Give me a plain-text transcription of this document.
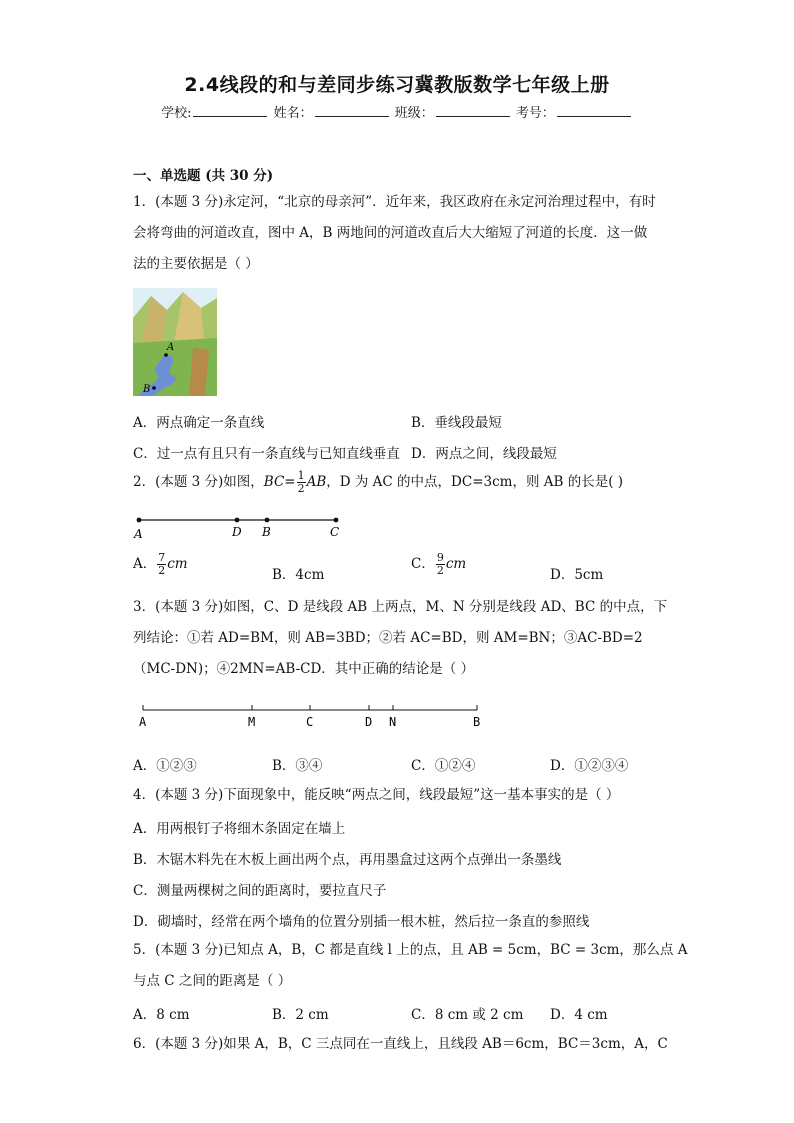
2.4线段的和与差同步练习冀教版数学七年级上册
学校:	姓名：	班级：	考号：
一、单选题 (共 30 分)
1．(本题 3 分)永定河，“北京的母亲河”．近年来，我区政府在永定河治理过程中，有时
会将弯曲的河道改直，图中 A，B 两地间的河道改直后大大缩短了河道的长度．这一做
法的主要依据是（ ）
A
B
A．两点确定一条直线	B．垂线段最短
C．过一点有且只有一条直线与已知直线垂直 D．两点之间，线段最短
2．(本题 3 分)如图，$BC= \frac{1}{2}$ AB，D 为 AC 的中点，DC=3cm，则 AB 的长是( )
A	D B	C
A． $\frac{7}{2}$ cm
B．4cm
C． $\frac{9}{2}$ cm
D．5cm
3．(本题 3 分)如图，C、D 是线段 AB 上两点，M、N 分别是线段 AD、BC 的中点，下
列结论：①若 AD=BM，则 AB=3BD；②若 AC=BD，则 AM=BN；③AC-BD=2
（MC-DN)；④2MN=AB-CD．其中正确的结论是（ ）
A	M	C	D N	B
A．①②③	B．③④	C．①②④	D．①②③④
4．(本题 3 分)下面现象中，能反映“两点之间，线段最短”这一基本事实的是（ ）
A．用两根钉子将细木条固定在墙上
B．木锯木料先在木板上画出两个点，再用墨盒过这两个点弹出一条墨线
C．测量两棵树之间的距离时，要拉直尺子
D．砌墙时，经常在两个墙角的位置分别插一根木桩，然后拉一条直的参照线
5．(本题 3 分)已知点 A，B，C 都是直线 l 上的点，且 AB = 5cm，BC = 3cm，那么点 A
与点 C 之间的距离是（ ）
A．8 cm	B．2 cm	C．8 cm 或 2 cm D．4 cm
6．(本题 3 分)如果 A，B，C 三点同在一直线上，且线段 AB＝6cm，BC＝3cm，A，C
